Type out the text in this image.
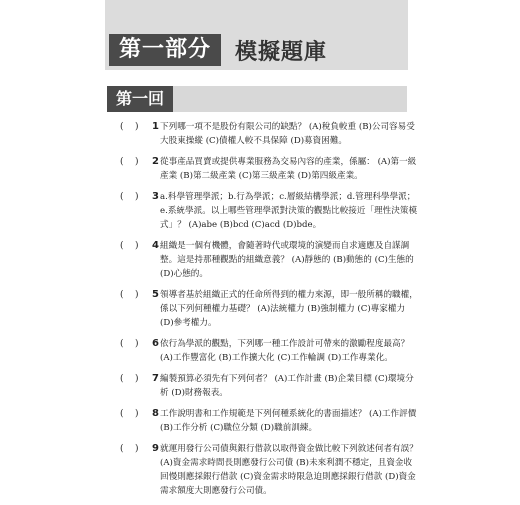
第一部分	模擬題庫
第一回
(    )	1 下列哪一項不是股份有限公司的缺點？ (A)稅負較重 (B)公司容易受大股東操縱 (C)債權人較不具保障 (D)募資困難。
(    )	2 從事產品買賣或提供專業服務為交易內容的產業，係屬： (A)第一級產業 (B)第二級產業 (C)第三級產業 (D)第四級產業。
(    )	3 a.科學管理學派；b.行為學派；c.層級結構學派；d.管理科學學派；e.系統學派。以上哪些管理學派對決策的觀點比較接近「理性決策模式」？ (A)abe (B)bcd (C)acd (D)bde。
(    )	4 組織是一個有機體，會隨著時代或環境的演變而自求適應及自謀調整。這是持那種觀點的組織意義？ (A)靜態的 (B)動態的 (C)生態的 (D)心態的。
(    )	5 領導者基於組織正式的任命所得到的權力來源，即一般所稱的職權，係以下列何種權力基礎？ (A)法統權力 (B)強制權力 (C)專家權力 (D)參考權力。
(    )	6 依行為學派的觀點，下列哪一種工作設計可帶來的激勵程度最高？ (A)工作豐富化 (B)工作擴大化 (C)工作輪調 (D)工作專業化。
(    )	7 編製預算必須先有下列何者？ (A)工作計畫 (B)企業目標 (C)環境分析 (D)財務報表。
(    )	8 工作說明書和工作規範是下列何種系統化的書面描述？ (A)工作評價 (B)工作分析 (C)職位分類 (D)職前訓練。
(    )	9 就運用發行公司債與銀行借款以取得資金做比較下列敘述何者有誤？ (A)資金需求時間長則應發行公司債 (B)未來利潤不穩定，且資金收回慢則應採銀行借款 (C)資金需求時限急迫則應採銀行借款 (D)資金需求額度大則應發行公司債。
